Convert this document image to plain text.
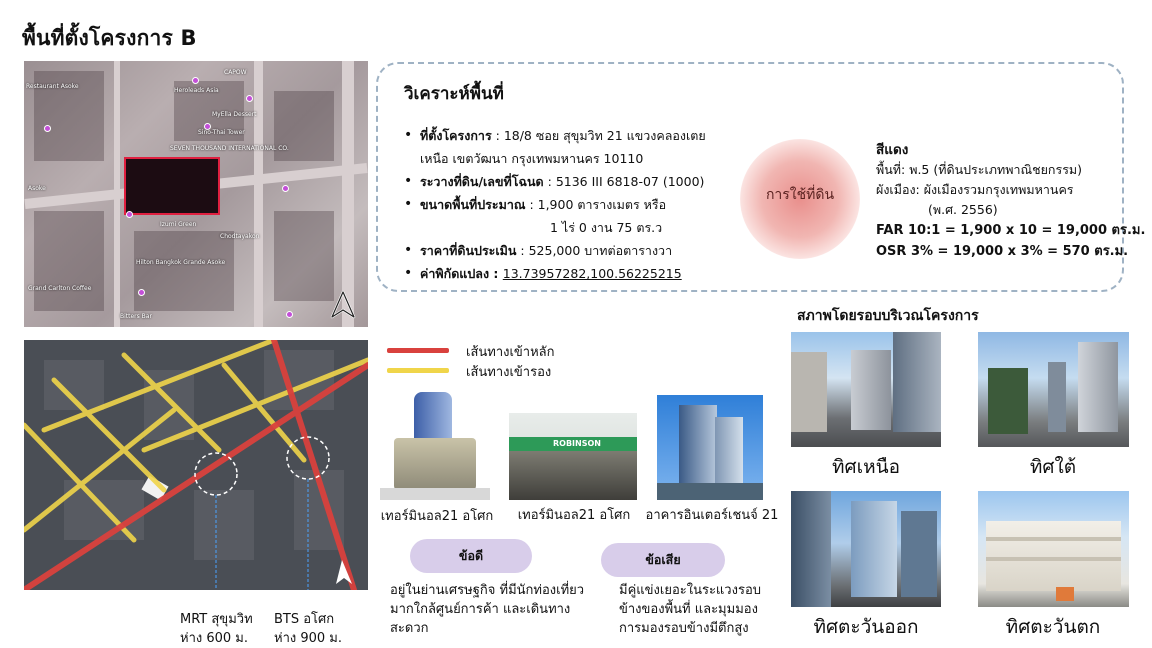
พื้นที่ตั้งโครงการ B
Heroleads Asia
MyElla Dessert
Sino-Thai Tower
SEVEN THOUSAND INTERNATIONAL CO.
Izumi Green
Hilton Bangkok Grande Asoke
Chodtayakon
Asoke
Restaurant Asoke
Grand Carlton Coffee
Bitters Bar
CAPOW
MRT สุขุมวิท
ห่าง 600 ม.
BTS อโศก
ห่าง 900 ม.
วิเคราะห์พื้นที่
• ที่ตั้งโครงการ : 18/8 ซอย สุขุมวิท 21 แขวงคลองเตย
เหนือ เขตวัฒนา กรุงเทพมหานคร 10110
• ระวางที่ดิน/เลขที่โฉนด : 5136 III 6818-07 (1000)
• ขนาดพื้นที่ประมาณ : 1,900 ตารางเมตร หรือ
1 ไร่ 0 งาน 75 ตร.ว
• ราคาที่ดินประเมิน : 525,000 บาทต่อตารางวา
• ค่าพิกัดแปลง : 13.73957282,100.56225215
การใช้ที่ดิน
สีแดง
พื้นที่: พ.5 (ที่ดินประเภทพาณิชยกรรม)
ผังเมือง: ผังเมืองรวมกรุงเทพมหานคร
(พ.ศ. 2556)
FAR 10:1 = 1,900 x 10 = 19,000 ตร.ม.
OSR 3% = 19,000 x 3% = 570 ตร.ม.
เส้นทางเข้าหลัก
เส้นทางเข้ารอง
ROBINSON
เทอร์มินอล21 อโศก	เทอร์มินอล21 อโศก	อาคารอินเตอร์เชนจ์ 21
ข้อดี	ข้อเสีย
อยู่ในย่านเศรษฐกิจ ที่มีนักท่องเที่ยว
มากใกล้ศูนย์การค้า และเดินทาง
สะดวก
มีคู่แข่งเยอะในระแวงรอบ
ข้างของพื้นที่ และมุมมอง
การมองรอบข้างมีตึกสูง
สภาพโดยรอบบริเวณโครงการ
ทิศเหนือ	ทิศใต้
ทิศตะวันออก	ทิศตะวันตก
